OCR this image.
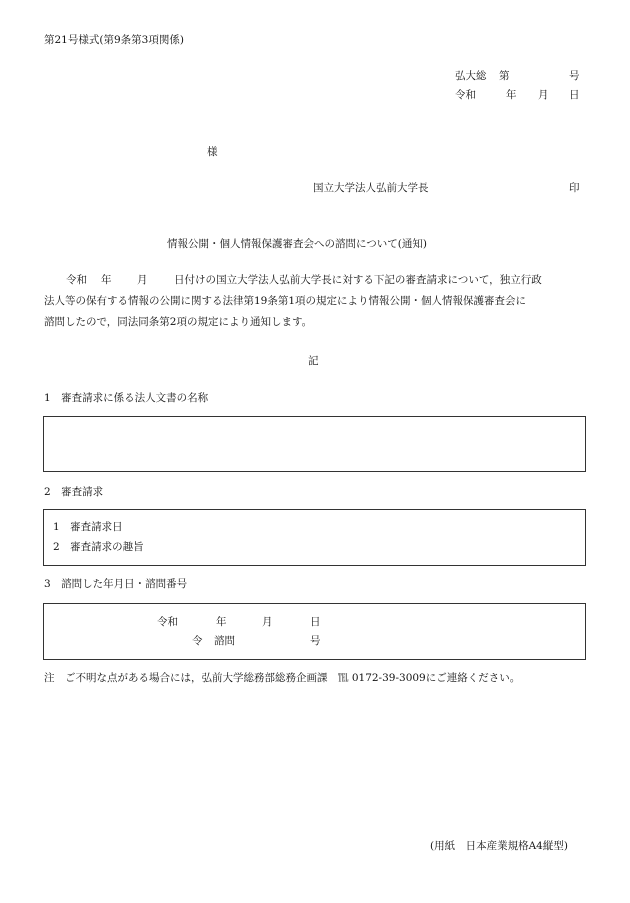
第21号様式(第9条第3項関係)
弘大総 第	号
令和	年 月 日
様
国立大学法人弘前大学長	印
情報公開・個人情報保護審査会への諮問について(通知)
令和 年 月	日付けの国立大学法人弘前大学長に対する下記の審査請求について，独立行政
法人等の保有する情報の公開に関する法律第19条第1項の規定により情報公開・個人情報保護審査会に
諮問したので，同法同条第2項の規定により通知します。
記
1　審査請求に係る法人文書の名称
2　審査請求
1　審査請求日
2　審査請求の趣旨
3　諮問した年月日・諮問番号
令和	年	月	日
令 諮問	号
注　ご不明な点がある場合には，弘前大学総務部総務企画課　℡ 0172-39-3009にご連絡ください。
(用紙　日本産業規格A4縦型)
